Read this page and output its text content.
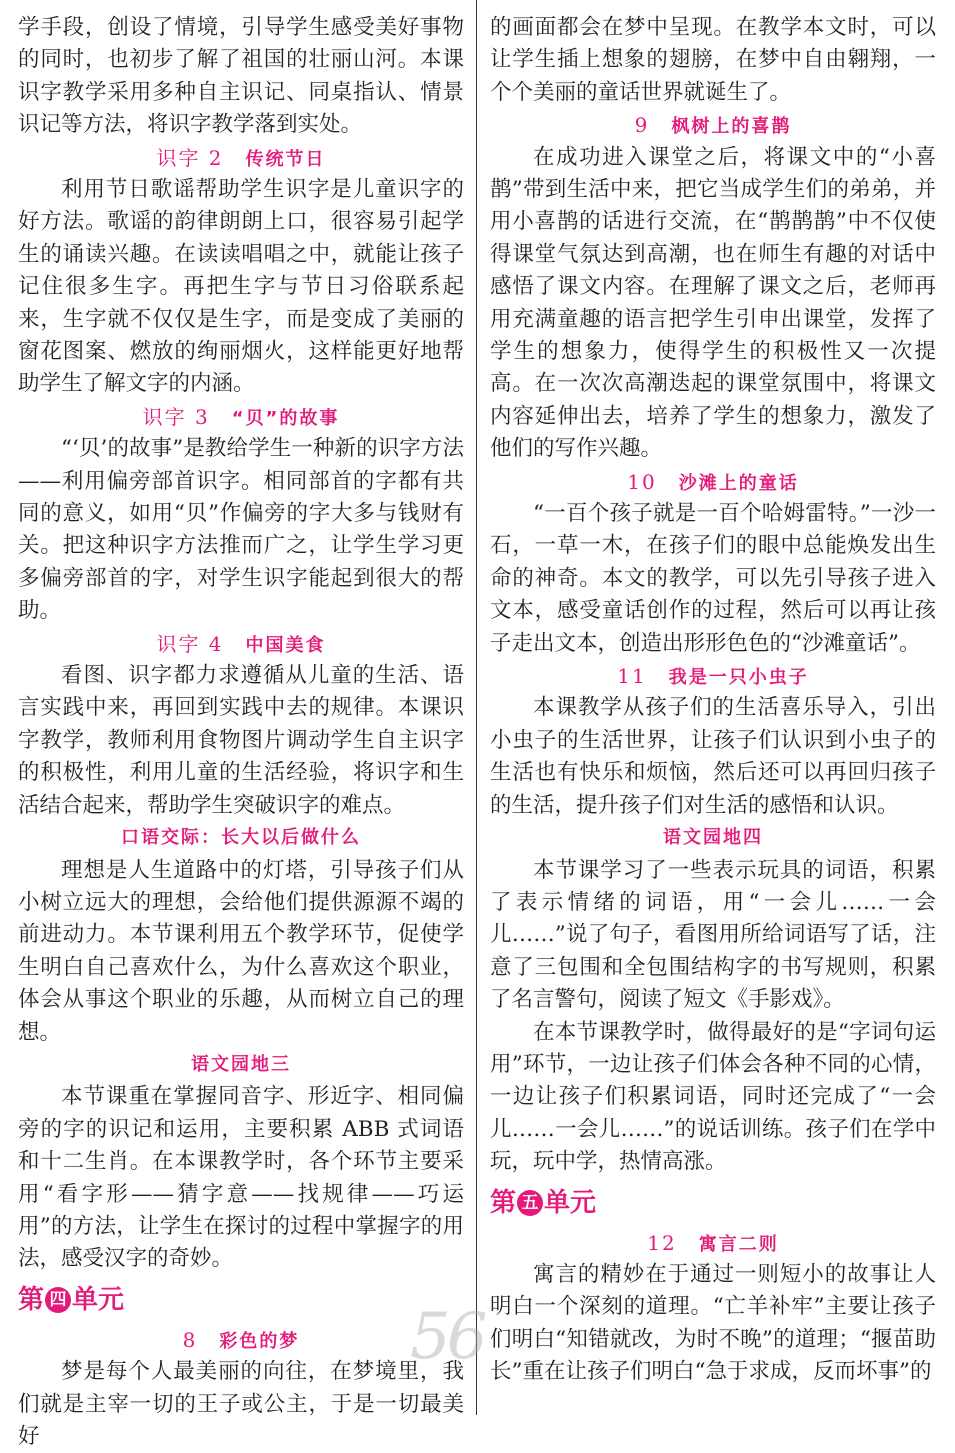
学手段，创设了情境，引导学生感受美好事物的同时，也初步了解了祖国的壮丽山河。本课识字教学采用多种自主识记、同桌指认、情景识记等方法，将识字教学落到实处。

识字 2 传统节日

利用节日歌谣帮助学生识字是儿童识字的好方法。歌谣的韵律朗朗上口，很容易引起学生的诵读兴趣。在读读唱唱之中，就能让孩子记住很多生字。再把生字与节日习俗联系起来，生字就不仅仅是生字，而是变成了美丽的窗花图案、燃放的绚丽烟火，这样能更好地帮助学生了解文字的内涵。

识字 3 “贝”的故事

“‘贝’的故事”是教给学生一种新的识字方法——利用偏旁部首识字。相同部首的字都有共同的意义，如用“贝”作偏旁的字大多与钱财有关。把这种识字方法推而广之，让学生学习更多偏旁部首的字，对学生识字能起到很大的帮助。

识字 4 中国美食

看图、识字都力求遵循从儿童的生活、语言实践中来，再回到实践中去的规律。本课识字教学，教师利用食物图片调动学生自主识字的积极性，利用儿童的生活经验，将识字和生活结合起来，帮助学生突破识字的难点。

口语交际：长大以后做什么

理想是人生道路中的灯塔，引导孩子们从小树立远大的理想，会给他们提供源源不竭的前进动力。本节课利用五个教学环节，促使学生明白自己喜欢什么，为什么喜欢这个职业，体会从事这个职业的乐趣，从而树立自己的理想。

语文园地三

本节课重在掌握同音字、形近字、相同偏旁的字的识记和运用，主要积累 ABB 式词语和十二生肖。在本课教学时，各个环节主要采用“看字形——猜字意——找规律——巧运用”的方法，让学生在探讨的过程中掌握字的用法，感受汉字的奇妙。

第 四 单元
8 彩色的梦

梦是每个人最美丽的向往，在梦境里，我们就是主宰一切的王子或公主，于是一切最美好

的画面都会在梦中呈现。在教学本文时，可以让学生插上想象的翅膀，在梦中自由翱翔，一个个美丽的童话世界就诞生了。

9 枫树上的喜鹊

在成功进入课堂之后，将课文中的“小喜鹊”带到生活中来，把它当成学生们的弟弟，并用小喜鹊的话进行交流，在“鹊鹊鹊”中不仅使得课堂气氛达到高潮，也在师生有趣的对话中感悟了课文内容。在理解了课文之后，老师再用充满童趣的语言把学生引申出课堂，发挥了学生的想象力，使得学生的积极性又一次提高。在一次次高潮迭起的课堂氛围中，将课文内容延伸出去，培养了学生的想象力，激发了他们的写作兴趣。

10 沙滩上的童话

“一百个孩子就是一百个哈姆雷特。”一沙一石，一草一木，在孩子们的眼中总能焕发出生命的神奇。本文的教学，可以先引导孩子进入文本，感受童话创作的过程，然后可以再让孩子走出文本，创造出形形色色的“沙滩童话”。

11 我是一只小虫子

本课教学从孩子们的生活喜乐导入，引出小虫子的生活世界，让孩子们认识到小虫子的生活也有快乐和烦恼，然后还可以再回归孩子的生活，提升孩子们对生活的感悟和认识。

语文园地四

本节课学习了一些表示玩具的词语，积累了表示情绪的词语，用“一会儿……一会儿……”说了句子，看图用所给词语写了话，注意了三包围和全包围结构字的书写规则，积累了名言警句，阅读了短文《手影戏》。

在本节课教学时，做得最好的是“字词句运用”环节，一边让孩子们体会各种不同的心情，一边让孩子们积累词语，同时还完成了“一会儿……一会儿……”的说话训练。孩子们在学中玩，玩中学，热情高涨。

第 五 单元
12 寓言二则

寓言的精妙在于通过一则短小的故事让人明白一个深刻的道理。“亡羊补牢”主要让孩子们明白“知错就改，为时不晚”的道理；“揠苗助长”重在让孩子们明白“急于求成，反而坏事”的

56
